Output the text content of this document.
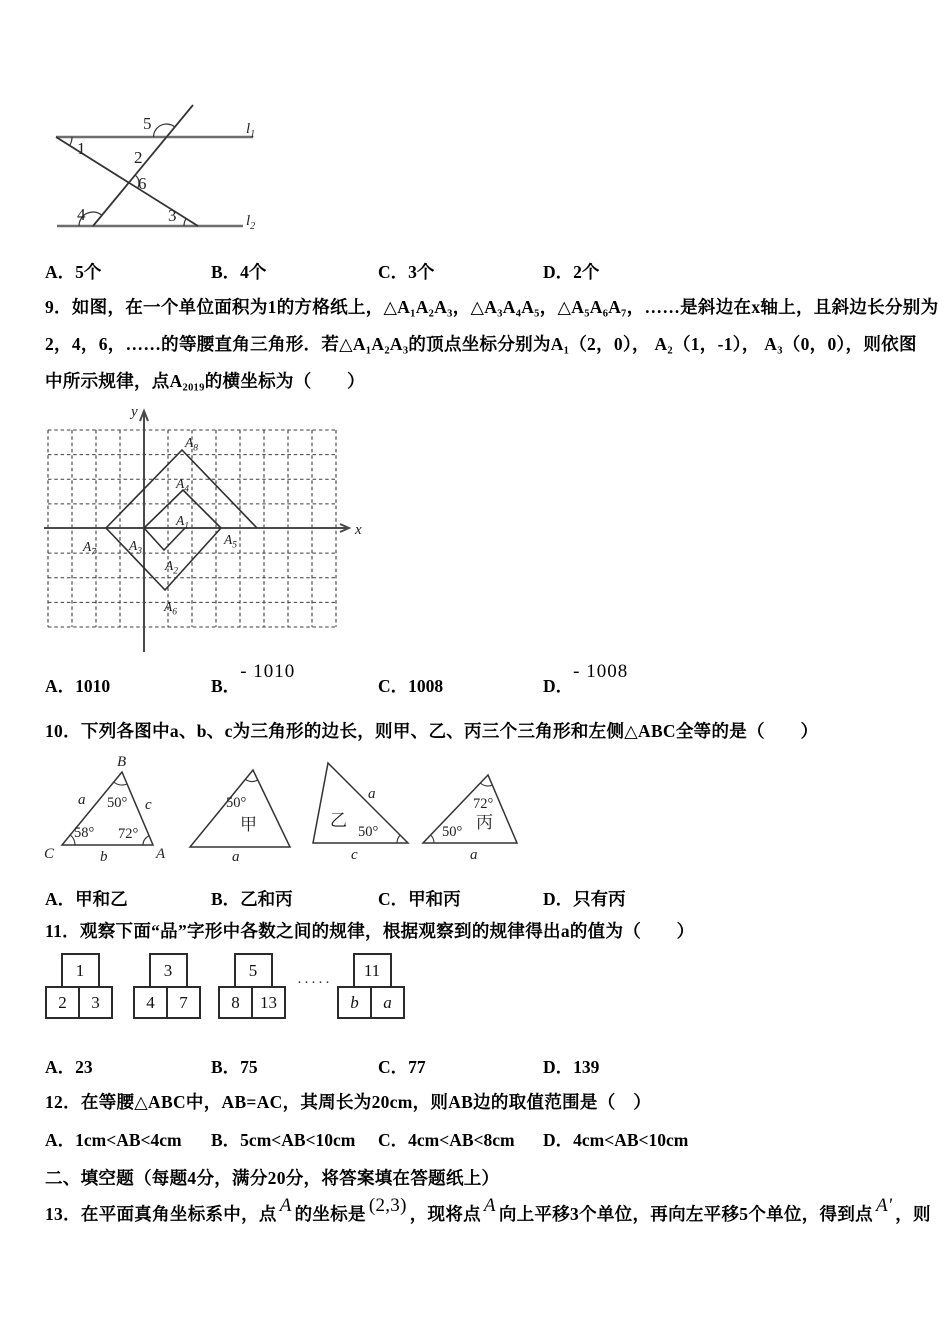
1	2
3
4
5
6
$l_1$
$l_2$
A．5个	B．4个	C．3个	D．2个
9．如图，在一个单位面积为1的方格纸上，△A₁A₂A₃，△A₃A₄A₅，△A₅A₆A₇，……是斜边在x轴上，且斜边长分别为
2，4，6，……的等腰直角三角形．若△A₁A₂A₃的顶点坐标分别为A₁（2，0）， A₂（1，-1）， A₃（0，0），则依图
中所示规律，点A₂₀₁₉的横坐标为（　　）
$A_8$
$A_4$
$A_1$
$A_7$ $A_3$
$A_5$
$A_2$
$A_6$
y
x
A．1010	B．- 1010
C．1008	D．- 1008
10．下列各图中a、b、c为三角形的边长，则甲、乙、丙三个三角形和左侧△ABC全等的是（　　）
B
C	A
a	c
b	a
a
c	a
50°
58° 72°
50°
50°
72°
50°
甲	乙	丙
A．甲和乙	B．乙和丙	C．甲和丙	D．只有丙
11．观察下面“品”字形中各数之间的规律，根据观察到的规律得出a的值为（　　）
1
2	3
3
4	7
5
8	13
·····
11
b	a
A．23	B．75	C．77	D．139
12．在等腰△ABC中，AB=AC，其周长为20cm，则AB边的取值范围是（　）
A．1cm<AB<4cm B．5cm<AB<10cm C．4cm<AB<8cm D．4cm<AB<10cm
二、填空题（每题4分，满分20分，将答案填在答题纸上）
13．在平面真角坐标系中，点 A 的坐标是 (2,3) ，现将点 A 向上平移3个单位，再向左平移5个单位，得到点 A' ，则
